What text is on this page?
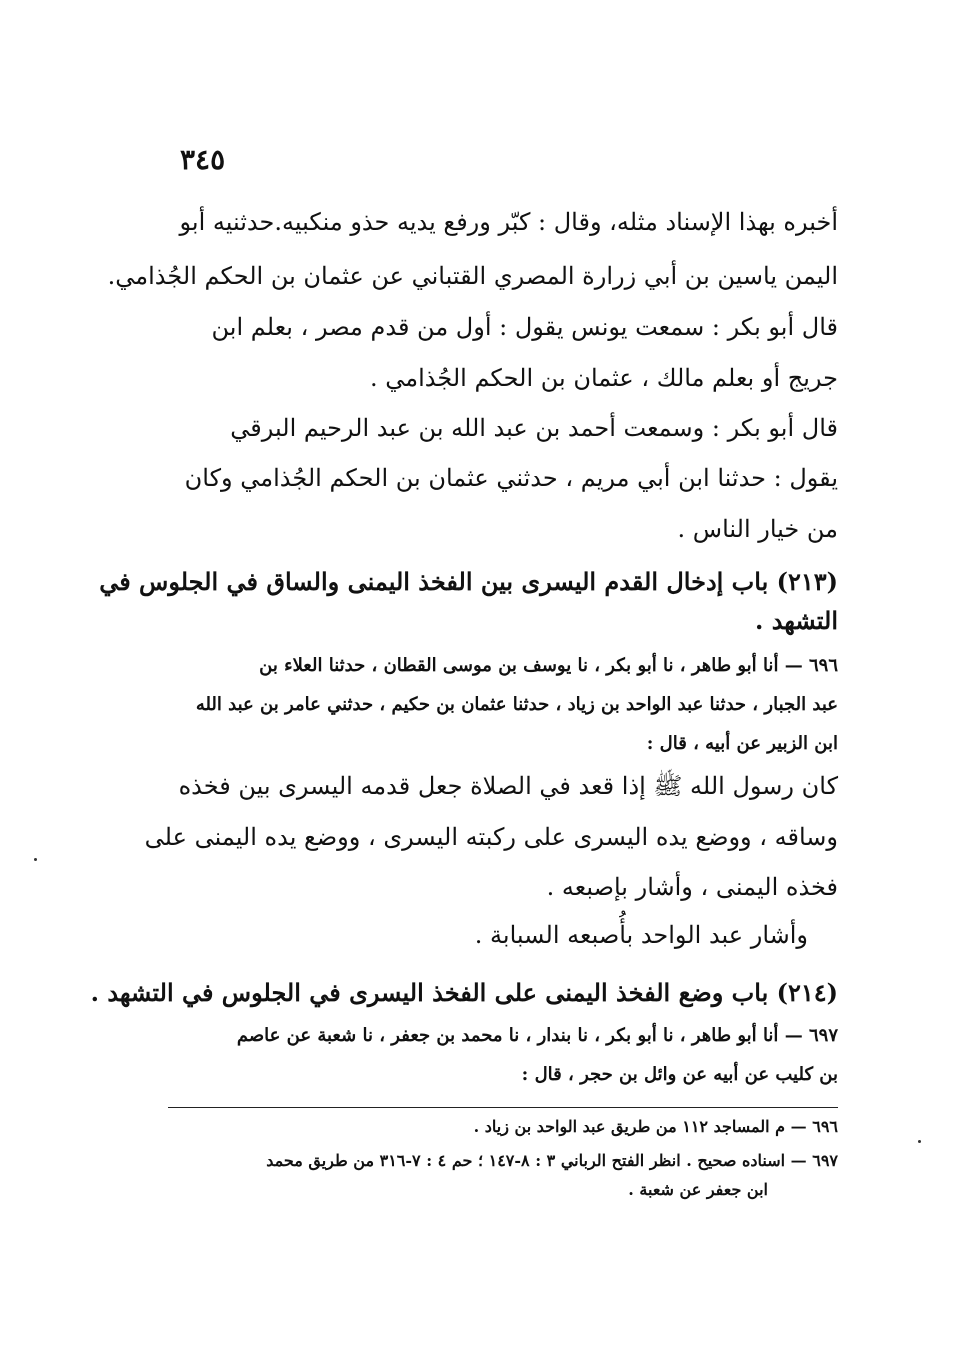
٣٤٥
أخبره بهذا الإسناد مثله، وقال : كبّر ورفع يديه حذو منكبيه.حدثنيه أبو
اليمن ياسين بن أبي زرارة المصري القتباني عن عثمان بن الحكم الجُذامي.
قال أبو بكر : سمعت يونس يقول : أول من قدم مصر ، بعلم ابن
جريج أو بعلم مالك ، عثمان بن الحكم الجُذامي .
قال أبو بكر : وسمعت أحمد بن عبد الله بن عبد الرحيم البرقي
يقول : حدثنا ابن أبي مريم ، حدثني عثمان بن الحكم الجُذامي وكان
من خيار الناس .
(٢١٣) باب إدخال القدم اليسرى بين الفخذ اليمنى والساق في الجلوس في
التشهد .
٦٩٦ — أنا أبو طاهر ، نا أبو بكر ، نا يوسف بن موسى القطان ، حدثنا العلاء بن
عبد الجبار ، حدثنا عبد الواحد بن زياد ، حدثنا عثمان بن حكيم ، حدثني عامر بن عبد الله
ابن الزبير عن أبيه ، قال :
كان رسول الله ﷺ إذا قعد في الصلاة جعل قدمه اليسرى بين فخذه
وساقه ، ووضع يده اليسرى على ركبته اليسرى ، ووضع يده اليمنى على
فخذه اليمنى ، وأشار بإصبعه .
وأشار عبد الواحد بأُصبعه السبابة .
(٢١٤) باب وضع الفخذ اليمنى على الفخذ اليسرى في الجلوس في التشهد .
٦٩٧ — أنا أبو طاهر ، نا أبو بكر ، نا بندار ، نا محمد بن جعفر ، نا شعبة عن عاصم
بن كليب عن أبيه عن وائل بن حجر ، قال :
٦٩٦ — م المساجد ١١٢ من طريق عبد الواحد بن زياد .
٦٩٧ — اسناده صحيح . انظر الفتح الرباني ٣ : ٨-١٤٧ ؛ حم ٤ : ٧-٣١٦ من طريق محمد
ابن جعفر عن شعبة .
